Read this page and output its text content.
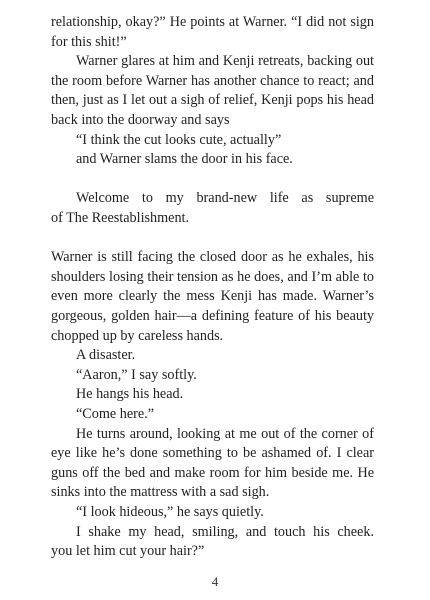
relationship, okay?” He points at Warner. “I did not sign
for this shit!”
Warner glares at him and Kenji retreats, backing out
the room before Warner has another chance to react; and
then, just as I let out a sigh of relief, Kenji pops his head
back into the doorway and says
“I think the cut looks cute, actually”
and Warner slams the door in his face.
Welcome to my brand-new life as supreme
of The Reestablishment.
Warner is still facing the closed door as he exhales, his
shoulders losing their tension as he does, and I’m able to
even more clearly the mess Kenji has made. Warner’s
gorgeous, golden hair—a defining feature of his beauty
chopped up by careless hands.
A disaster.
“Aaron,” I say softly.
He hangs his head.
“Come here.”
He turns around, looking at me out of the corner of
eye like he’s done something to be ashamed of. I clear
guns off the bed and make room for him beside me. He
sinks into the mattress with a sad sigh.
“I look hideous,” he says quietly.
I shake my head, smiling, and touch his cheek.
you let him cut your hair?”
4
